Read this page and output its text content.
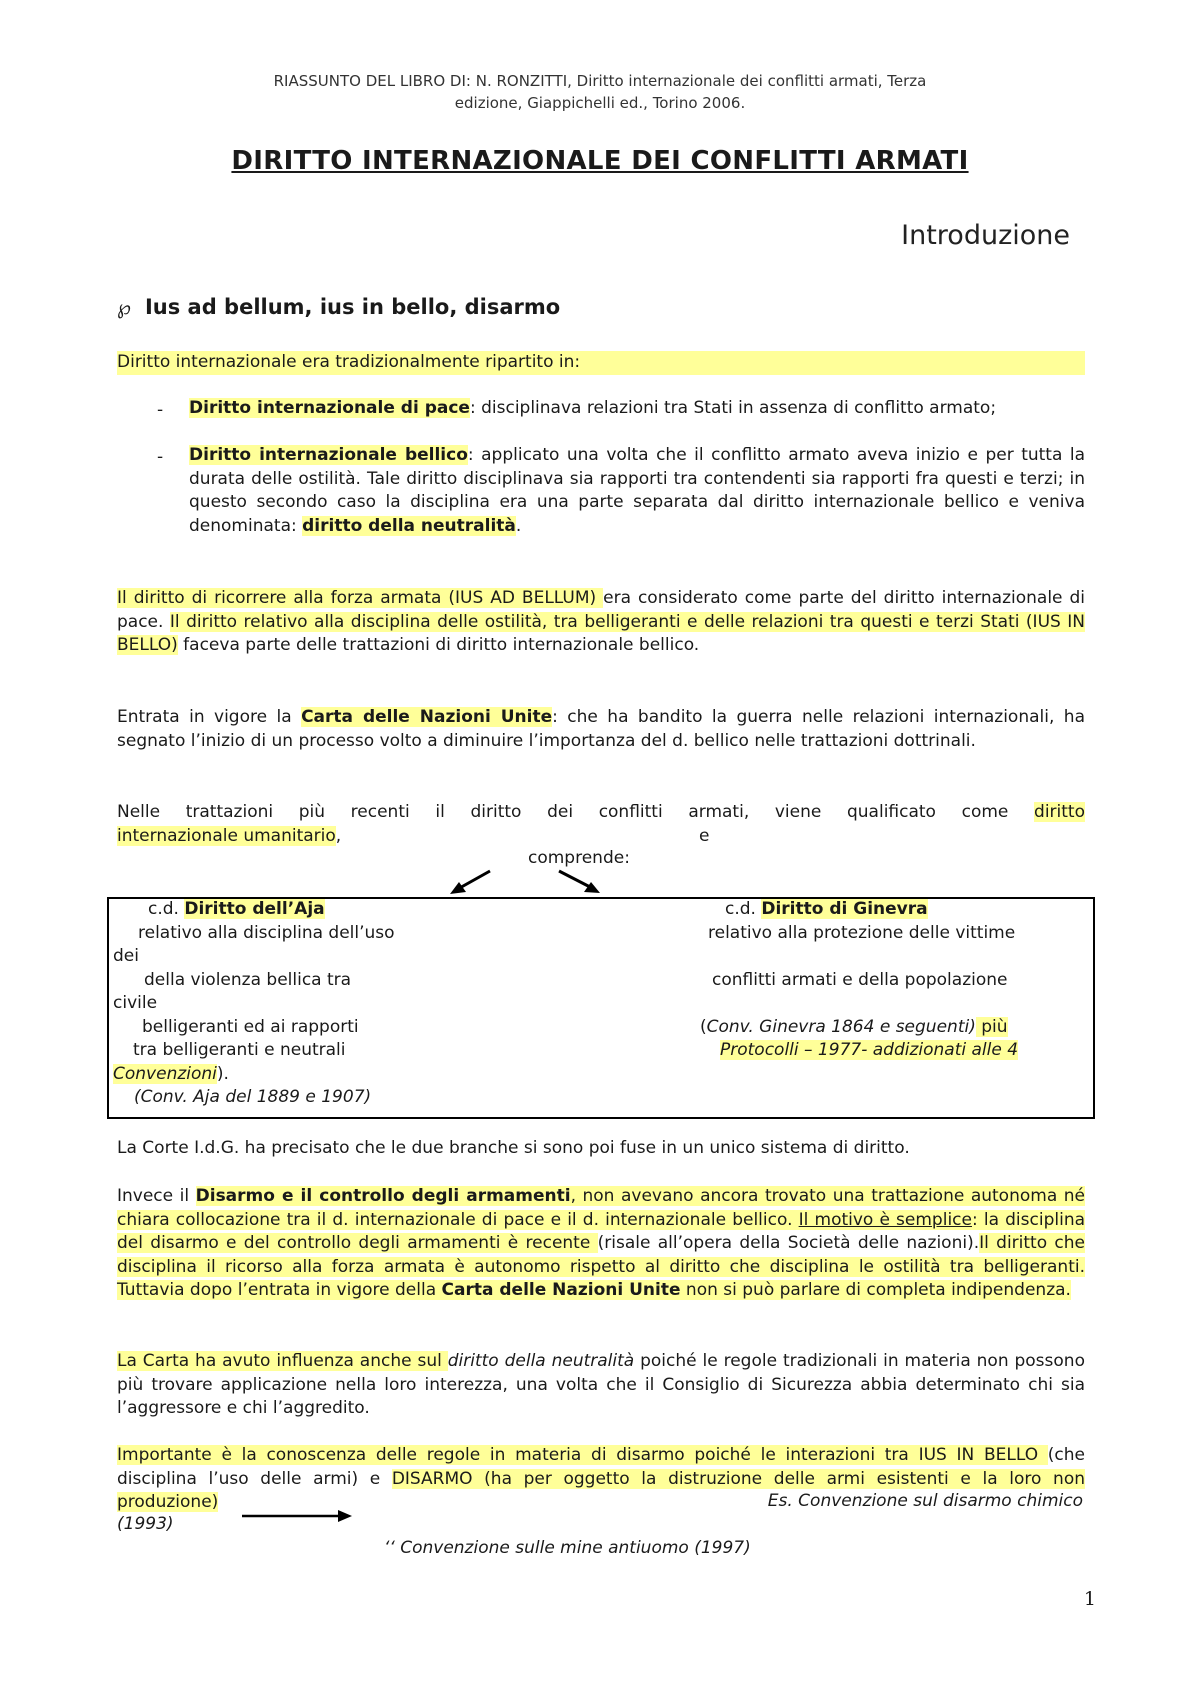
RIASSUNTO DEL LIBRO DI: N. RONZITTI, Diritto internazionale dei conflitti armati, Terza
edizione, Giappichelli ed., Torino 2006.
DIRITTO INTERNAZIONALE DEI CONFLITTI ARMATI
Introduzione
℘ Ius ad bellum, ius in bello, disarmo
Diritto internazionale era tradizionalmente ripartito in:
- Diritto internazionale di pace: disciplinava relazioni tra Stati in assenza di conflitto armato;
- Diritto internazionale bellico: applicato una volta che il conflitto armato aveva inizio e per tutta la durata delle ostilità. Tale diritto disciplinava sia rapporti tra contendenti sia rapporti fra questi e terzi; in questo secondo caso la disciplina era una parte separata dal diritto internazionale bellico e veniva denominata: diritto della neutralità.
Il diritto di ricorrere alla forza armata (IUS AD BELLUM) era considerato come parte del diritto internazionale di pace. Il diritto relativo alla disciplina delle ostilità, tra belligeranti e delle relazioni tra questi e terzi Stati (IUS IN BELLO) faceva parte delle trattazioni di diritto internazionale bellico.
Entrata in vigore la Carta delle Nazioni Unite: che ha bandito la guerra nelle relazioni internazionali, ha segnato l’inizio di un processo volto a diminuire l’importanza del d. bellico nelle trattazioni dottrinali.
Nelle trattazioni più recenti il diritto dei conflitti armati, viene qualificato come diritto
internazionale umanitario,	e
comprende:
c.d. Diritto dell’Aja
relativo alla disciplina dell’uso
dei
della violenza bellica tra
civile
belligeranti ed ai rapporti
tra belligeranti e neutrali
Convenzioni).
(Conv. Aja del 1889 e 1907)
c.d. Diritto di Ginevra
relativo alla protezione delle vittime

conflitti armati e della popolazione

(Conv. Ginevra 1864 e seguenti) più
Protocolli – 1977- addizionati alle 4
La Corte I.d.G. ha precisato che le due branche si sono poi fuse in un unico sistema di diritto.
Invece il Disarmo e il controllo degli armamenti, non avevano ancora trovato una trattazione autonoma né chiara collocazione tra il d. internazionale di pace e il d. internazionale bellico. Il motivo è semplice: la disciplina del disarmo e del controllo degli armamenti è recente (risale all’opera della Società delle nazioni).Il diritto che disciplina il ricorso alla forza armata è autonomo rispetto al diritto che disciplina le ostilità tra belligeranti. Tuttavia dopo l’entrata in vigore della Carta delle Nazioni Unite non si può parlare di completa indipendenza.
La Carta ha avuto influenza anche sul diritto della neutralità poiché le regole tradizionali in materia non possono più trovare applicazione nella loro interezza, una volta che il Consiglio di Sicurezza abbia determinato chi sia l’aggressore e chi l’aggredito.
Importante è la conoscenza delle regole in materia di disarmo poiché le interazioni tra IUS IN BELLO (che disciplina l’uso delle armi) e DISARMO (ha per oggetto la distruzione delle armi esistenti e la loro non produzione)	Es. Convenzione sul disarmo chimico
(1993)
‘‘ Convenzione sulle mine antiuomo (1997)
1
